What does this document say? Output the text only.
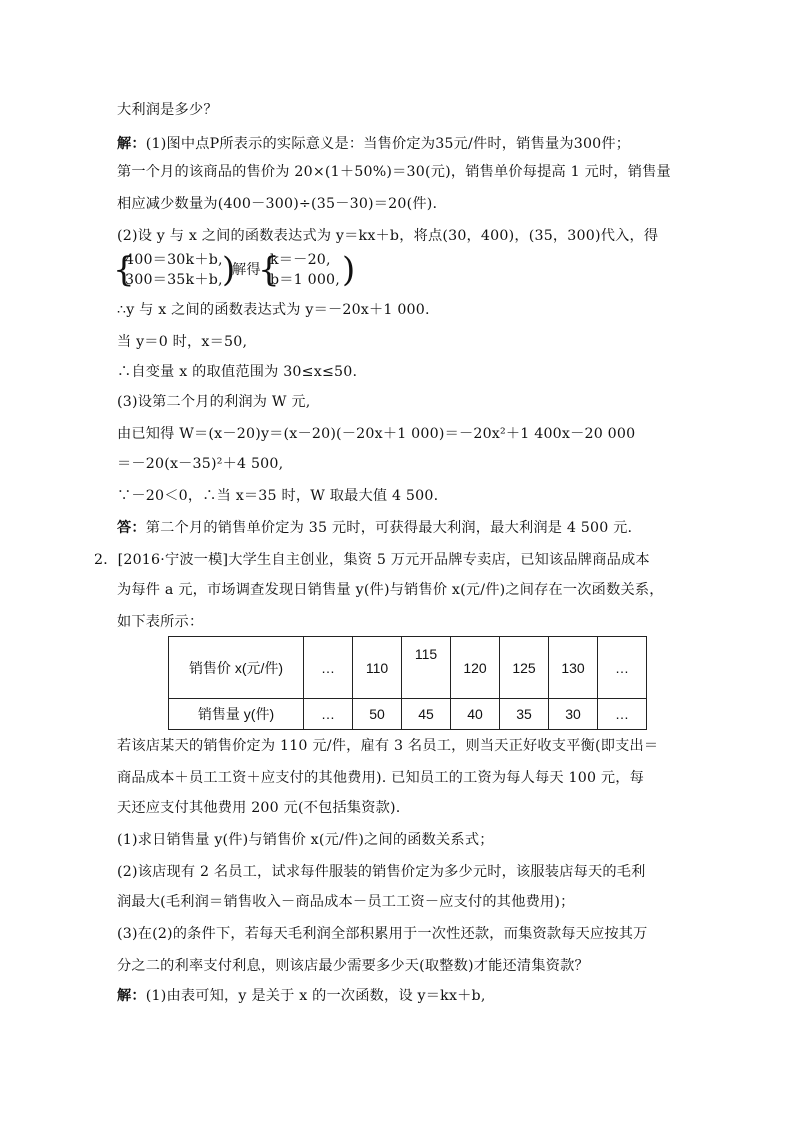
大利润是多少？
解：(1)图中点P所表示的实际意义是：当售价定为35元/件时，销售量为300件；
第一个月的该商品的售价为 20×(1＋50%)＝30(元)，销售单价每提高 1 元时，销售量
相应减少数量为(400－300)÷(35－30)＝20(件).
(2)设 y 与 x 之间的函数表达式为 y＝kx＋b，将点(30，400)，(35，300)代入，得
{
400＝30k＋b,
300＝35k＋b, )
解得
{
k＝－20,
b＝1 000, )
∴y 与 x 之间的函数表达式为 y＝－20x＋1 000.
当 y＝0 时，x＝50,
∴自变量 x 的取值范围为 30≤x≤50.
(3)设第二个月的利润为 W 元,
由已知得 W＝(x－20)y＝(x－20)(－20x＋1 000)＝－20x²＋1 400x－20 000
＝－20(x－35)²＋4 500,
∵－20＜0，∴当 x＝35 时，W 取最大值 4 500.
答：第二个月的销售单价定为 35 元时，可获得最大利润，最大利润是 4 500 元.
2．[2016·宁波一模]大学生自主创业，集资 5 万元开品牌专卖店，已知该品牌商品成本
为每件 a 元，市场调查发现日销售量 y(件)与销售价 x(元/件)之间存在一次函数关系，
如下表所示：
销售价 x(元/件)	…	110	115	120	125	130	…
销售量 y(件)	…	50	45	40	35	30	…
若该店某天的销售价定为 110 元/件，雇有 3 名员工，则当天正好收支平衡(即支出＝
商品成本＋员工工资＋应支付的其他费用). 已知员工的工资为每人每天 100 元，每
天还应支付其他费用 200 元(不包括集资款).
(1)求日销售量 y(件)与销售价 x(元/件)之间的函数关系式；
(2)该店现有 2 名员工，试求每件服装的销售价定为多少元时，该服装店每天的毛利
润最大(毛利润＝销售收入－商品成本－员工工资－应支付的其他费用)；
(3)在(2)的条件下，若每天毛利润全部积累用于一次性还款，而集资款每天应按其万
分之二的利率支付利息，则该店最少需要多少天(取整数)才能还清集资款？
解：(1)由表可知，y 是关于 x 的一次函数，设 y＝kx＋b,
